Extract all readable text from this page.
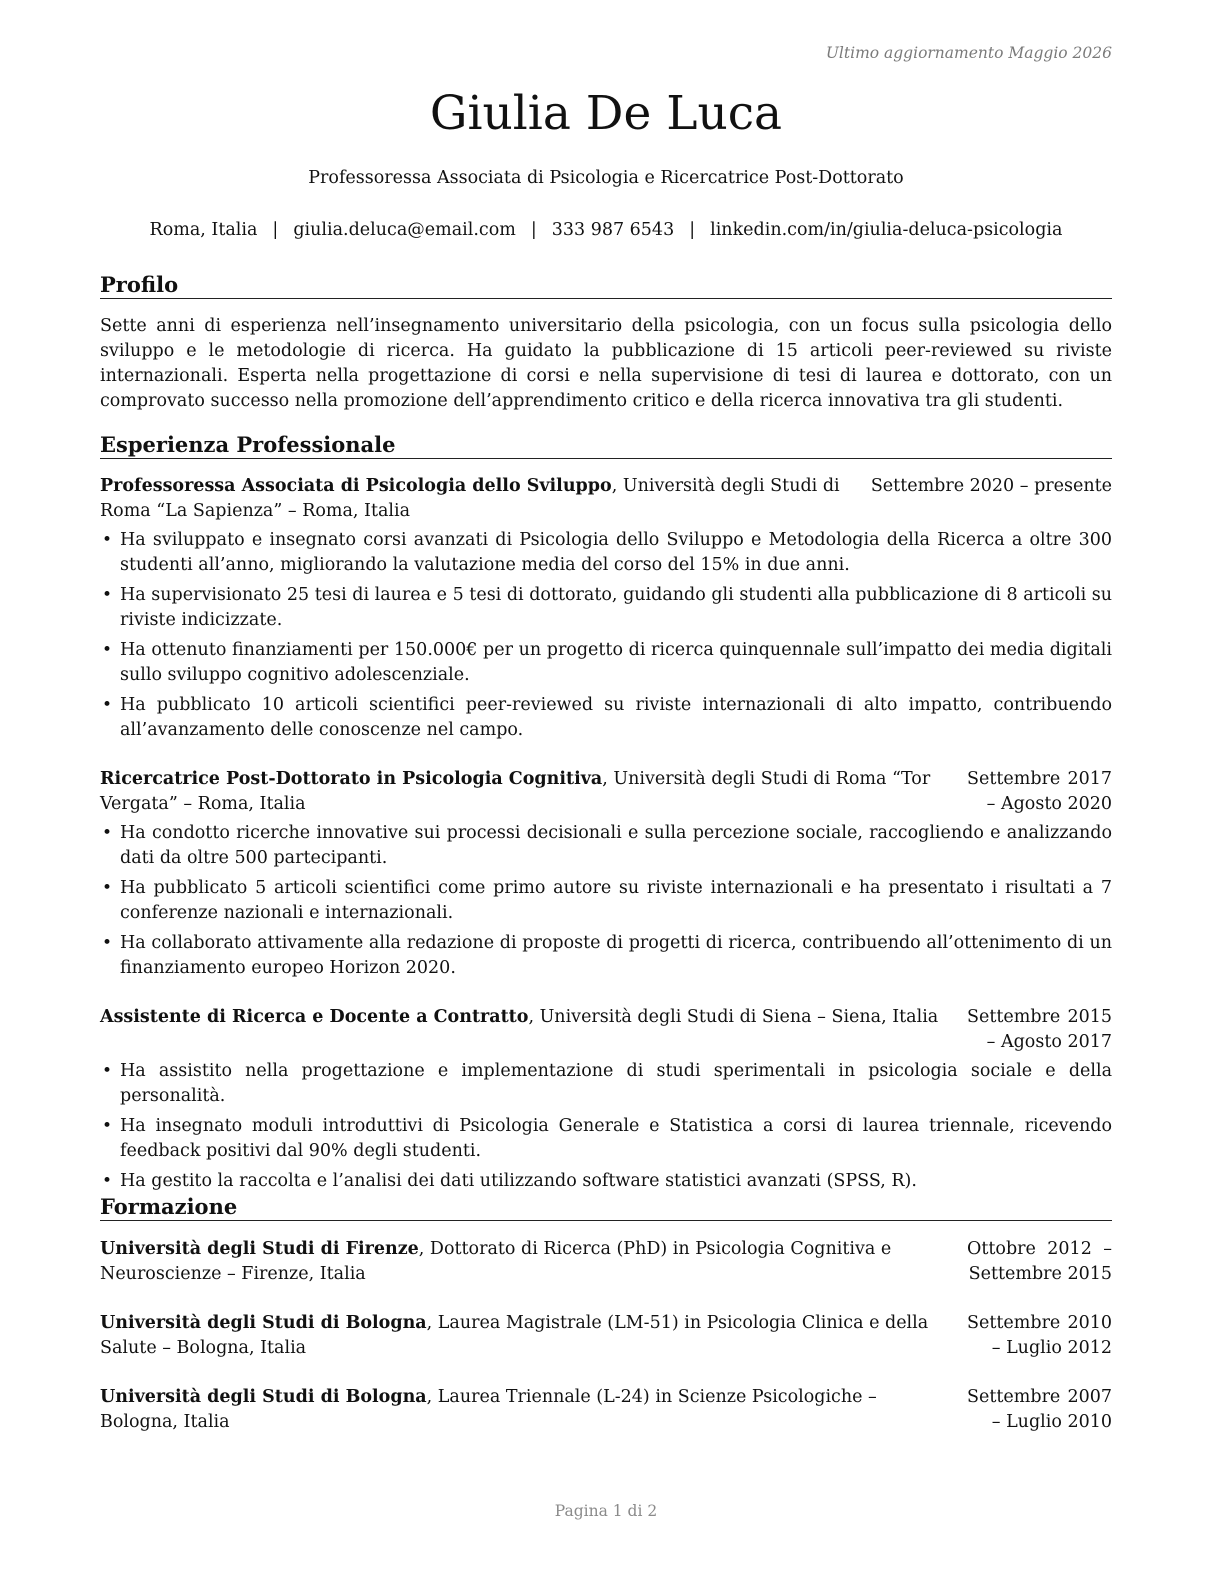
Ultimo aggiornamento Maggio 2026
Giulia De Luca
Professoressa Associata di Psicologia e Ricercatrice Post-Dottorato
Roma, Italia | giulia.deluca@email.com | 333 987 6543 | linkedin.com/in/giulia-deluca-psicologia
Profilo

Sette anni di esperienza nell’insegnamento universitario della psicologia, con un focus sulla psicologia dello sviluppo e le metodologie di ricerca. Ha guidato la pubblicazione di 15 articoli peer-reviewed su riviste internazionali. Esperta nella progettazione di corsi e nella supervisione di tesi di laurea e dottorato, con un comprovato successo nella promozione dell’apprendimento critico e della ricerca innovativa tra gli studenti.

Esperienza Professionale
Settembre 2020 – presente
Professoressa Associata di Psicologia dello Sviluppo, Università degli Studi di Roma “La Sapienza” – Roma, Italia
• Ha sviluppato e insegnato corsi avanzati di Psicologia dello Sviluppo e Metodologia della Ricerca a oltre 300 studenti all’anno, migliorando la valutazione media del corso del 15% in due anni.
• Ha supervisionato 25 tesi di laurea e 5 tesi di dottorato, guidando gli studenti alla pubblicazione di 8 articoli su riviste indicizzate.
• Ha ottenuto finanziamenti per 150.000€ per un progetto di ricerca quinquennale sull’impatto dei media digitali sullo sviluppo cognitivo adolescenziale.
• Ha pubblicato 10 articoli scientifici peer-reviewed su riviste internazionali di alto impatto, contribuendo all’avanzamento delle conoscenze nel campo.
Settembre 2017 – Agosto 2020
Ricercatrice Post-Dottorato in Psicologia Cognitiva, Università degli Studi di Roma “Tor Vergata” – Roma, Italia
• Ha condotto ricerche innovative sui processi decisionali e sulla percezione sociale, raccogliendo e analizzando dati da oltre 500 partecipanti.
• Ha pubblicato 5 articoli scientifici come primo autore su riviste internazionali e ha presentato i risultati a 7 conferenze nazionali e internazionali.
• Ha collaborato attivamente alla redazione di proposte di progetti di ricerca, contribuendo all’ottenimento di un finanziamento europeo Horizon 2020.
Settembre 2015 – Agosto 2017
Assistente di Ricerca e Docente a Contratto, Università degli Studi di Siena – Siena, Italia
• Ha assistito nella progettazione e implementazione di studi sperimentali in psicologia sociale e della personalità.
• Ha insegnato moduli introduttivi di Psicologia Generale e Statistica a corsi di laurea triennale, ricevendo feedback positivi dal 90% degli studenti.
• Ha gestito la raccolta e l’analisi dei dati utilizzando software statistici avanzati (SPSS, R).
Formazione
Ottobre 2012 – Settembre 2015
Università degli Studi di Firenze, Dottorato di Ricerca (PhD) in Psicologia Cognitiva e Neuroscienze – Firenze, Italia
Settembre 2010 – Luglio 2012
Università degli Studi di Bologna, Laurea Magistrale (LM-51) in Psicologia Clinica e della Salute – Bologna, Italia
Settembre 2007 – Luglio 2010
Università degli Studi di Bologna, Laurea Triennale (L-24) in Scienze Psicologiche – Bologna, Italia
Pagina 1 di 2
